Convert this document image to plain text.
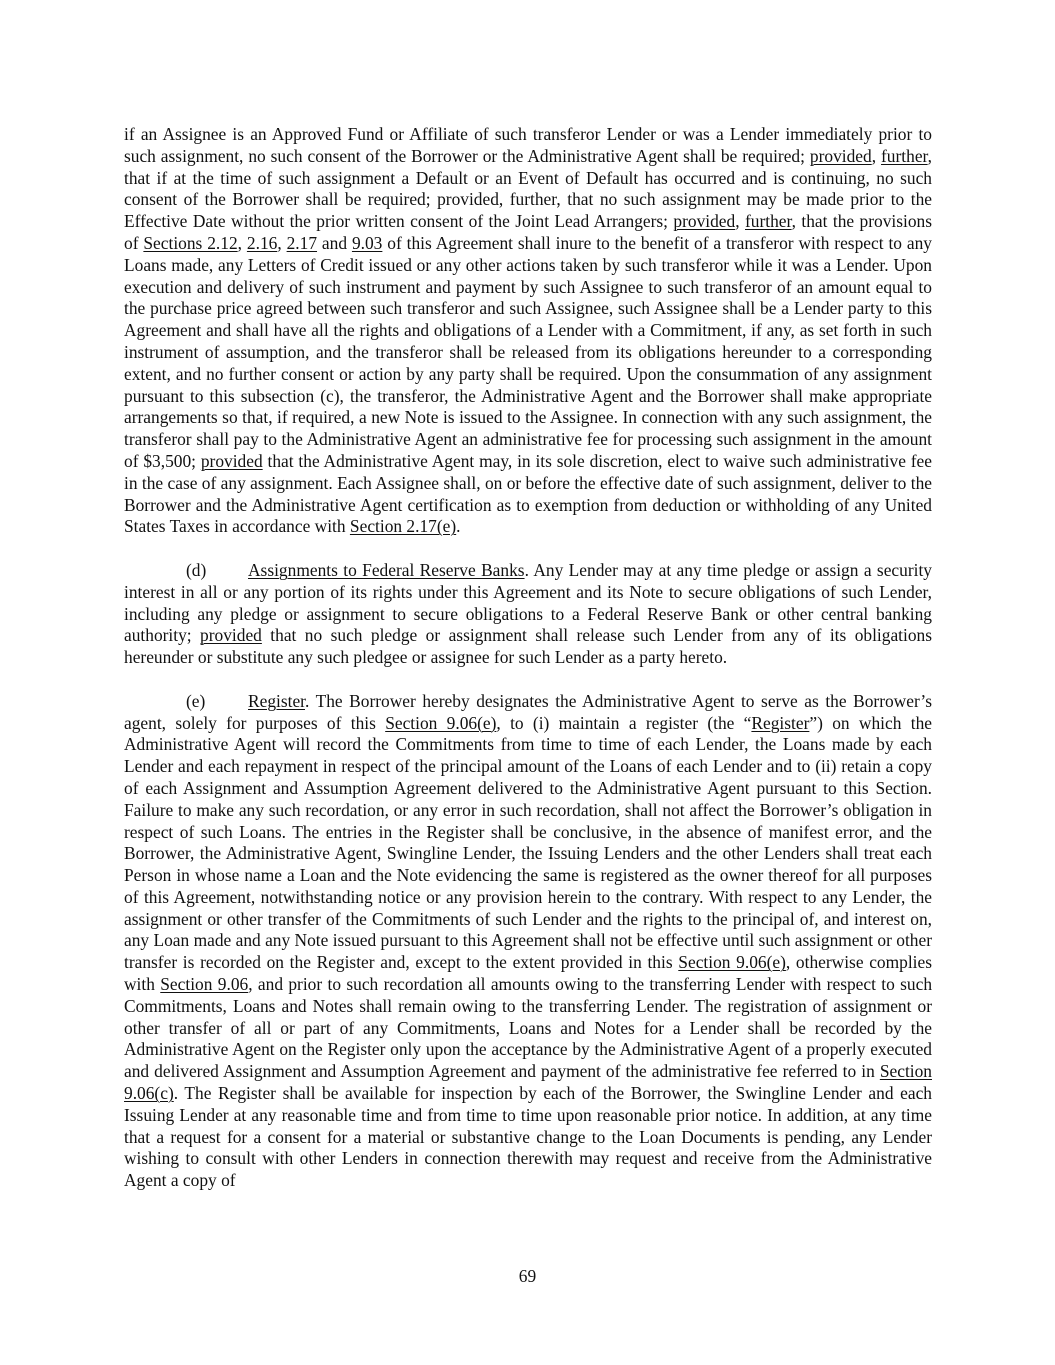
if an Assignee is an Approved Fund or Affiliate of such transferor Lender or was a Lender immediately prior to such assignment, no such consent of the Borrower or the Administrative Agent shall be required; provided, further, that if at the time of such assignment a Default or an Event of Default has occurred and is continuing, no such consent of the Borrower shall be required; provided, further, that no such assignment may be made prior to the Effective Date without the prior written consent of the Joint Lead Arrangers; provided, further, that the provisions of Sections 2.12, 2.16, 2.17 and 9.03 of this Agreement shall inure to the benefit of a transferor with respect to any Loans made, any Letters of Credit issued or any other actions taken by such transferor while it was a Lender. Upon execution and delivery of such instrument and payment by such Assignee to such transferor of an amount equal to the purchase price agreed between such transferor and such Assignee, such Assignee shall be a Lender party to this Agreement and shall have all the rights and obligations of a Lender with a Commitment, if any, as set forth in such instrument of assumption, and the transferor shall be released from its obligations hereunder to a corresponding extent, and no further consent or action by any party shall be required. Upon the consummation of any assignment pursuant to this subsection (c), the transferor, the Administrative Agent and the Borrower shall make appropriate arrangements so that, if required, a new Note is issued to the Assignee. In connection with any such assignment, the transferor shall pay to the Administrative Agent an administrative fee for processing such assignment in the amount of $3,500; provided that the Administrative Agent may, in its sole discretion, elect to waive such administrative fee in the case of any assignment. Each Assignee shall, on or before the effective date of such assignment, deliver to the Borrower and the Administrative Agent certification as to exemption from deduction or withholding of any United States Taxes in accordance with Section 2.17(e).

(d) Assignments to Federal Reserve Banks. Any Lender may at any time pledge or assign a security interest in all or any portion of its rights under this Agreement and its Note to secure obligations of such Lender, including any pledge or assignment to secure obligations to a Federal Reserve Bank or other central banking authority; provided that no such pledge or assignment shall release such Lender from any of its obligations hereunder or substitute any such pledgee or assignee for such Lender as a party hereto.

(e) Register. The Borrower hereby designates the Administrative Agent to serve as the Borrower’s agent, solely for purposes of this Section 9.06(e), to (i) maintain a register (the “Register”) on which the Administrative Agent will record the Commitments from time to time of each Lender, the Loans made by each Lender and each repayment in respect of the principal amount of the Loans of each Lender and to (ii) retain a copy of each Assignment and Assumption Agreement delivered to the Administrative Agent pursuant to this Section. Failure to make any such recordation, or any error in such recordation, shall not affect the Borrower’s obligation in respect of such Loans. The entries in the Register shall be conclusive, in the absence of manifest error, and the Borrower, the Administrative Agent, Swingline Lender, the Issuing Lenders and the other Lenders shall treat each Person in whose name a Loan and the Note evidencing the same is registered as the owner thereof for all purposes of this Agreement, notwithstanding notice or any provision herein to the contrary. With respect to any Lender, the assignment or other transfer of the Commitments of such Lender and the rights to the principal of, and interest on, any Loan made and any Note issued pursuant to this Agreement shall not be effective until such assignment or other transfer is recorded on the Register and, except to the extent provided in this Section 9.06(e), otherwise complies with Section 9.06, and prior to such recordation all amounts owing to the transferring Lender with respect to such Commitments, Loans and Notes shall remain owing to the transferring Lender. The registration of assignment or other transfer of all or part of any Commitments, Loans and Notes for a Lender shall be recorded by the Administrative Agent on the Register only upon the acceptance by the Administrative Agent of a properly executed and delivered Assignment and Assumption Agreement and payment of the administrative fee referred to in Section 9.06(c). The Register shall be available for inspection by each of the Borrower, the Swingline Lender and each Issuing Lender at any reasonable time and from time to time upon reasonable prior notice. In addition, at any time that a request for a consent for a material or substantive change to the Loan Documents is pending, any Lender wishing to consult with other Lenders in connection therewith may request and receive from the Administrative Agent a copy of

69
